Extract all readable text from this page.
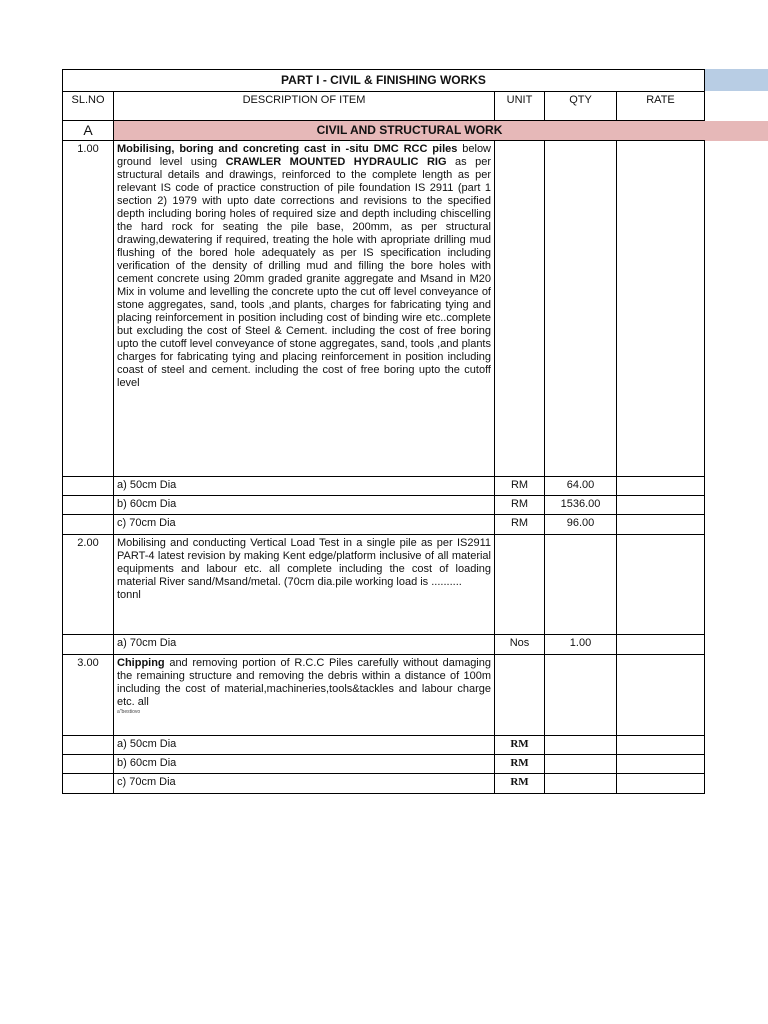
PART I - CIVIL & FINISHING WORKS
SL.NO	DESCRIPTION OF ITEM	UNIT	QTY	RATE
A	CIVIL AND STRUCTURAL WORK
1.00	Mobilising, boring and concreting cast in -situ DMC RCC piles below ground level using CRAWLER MOUNTED HYDRAULIC RIG as per structural details and drawings, reinforced to the complete length as per relevant IS code of practice construction of pile foundation IS 2911 (part 1 section 2) 1979 with upto date corrections and revisions to the specified depth including boring holes of required size and depth including chiscelling the hard rock for seating the pile base, 200mm, as per structural drawing,dewatering if required, treating the hole with apropriate drilling mud flushing of the bored hole adequately as per IS specification including verification of the density of drilling mud and filling the bore holes with cement concrete using 20mm graded granite aggregate and Msand in M20 Mix in volume and levelling the concrete upto the cut off level conveyance of stone aggregates, sand, tools ,and plants, charges for fabricating tying and placing reinforcement in position including cost of binding wire etc..complete but excluding the cost of Steel & Cement. including the cost of free boring upto the cutoff level conveyance of stone aggregates, sand, tools ,and plants charges for fabricating tying and placing reinforcement in position including coast of steel and cement. including the cost of free boring upto the cutoff level
a) 50cm Dia	RM	64.00
b) 60cm Dia	RM	1536.00
c) 70cm Dia	RM	96.00
2.00	Mobilising and conducting Vertical Load Test in a single pile as per IS2911 PART-4 latest revision by making Kent edge/platform inclusive of all material equipments and labour etc. all complete including the cost of loading material River sand/Msand/metal. (70cm dia.pile working load is ..........
tonnl
a) 70cm Dia	Nos	1.00
3.00	Chipping and removing portion of R.C.C Piles carefully without damaging the remaining structure and removing the debris within a distance of 100m including the cost of material,machineries,tools&tackles and labour charge etc. all
a"bestiovo
a) 50cm Dia	RM
b) 60cm Dia	RM
c) 70cm Dia	RM
